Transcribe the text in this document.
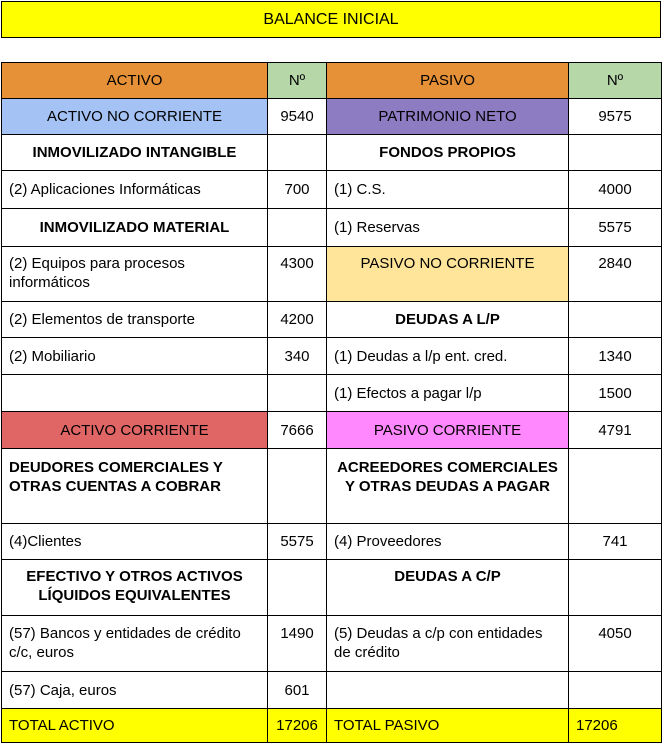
BALANCE INICIAL
ACTIVO	Nº	PASIVO	Nº
ACTIVO NO CORRIENTE	9540	PATRIMONIO NETO	9575
INMOVILIZADO INTANGIBLE		FONDOS PROPIOS	
(2) Aplicaciones Informáticas	700	(1) C.S.	4000
INMOVILIZADO MATERIAL		(1) Reservas	5575
(2) Equipos para procesos informáticos	4300	PASIVO NO CORRIENTE	2840
(2) Elementos de transporte	4200	DEUDAS A L/P	
(2) Mobiliario	340	(1) Deudas a l/p ent. cred.	1340
		(1) Efectos a pagar l/p	1500
ACTIVO CORRIENTE	7666	PASIVO CORRIENTE	4791
DEUDORES COMERCIALES Y OTRAS CUENTAS A COBRAR		ACREEDORES COMERCIALES Y OTRAS DEUDAS A PAGAR	
(4)Clientes	5575	(4) Proveedores	741
EFECTIVO Y OTROS ACTIVOS LÍQUIDOS EQUIVALENTES		DEUDAS A C/P	
(57) Bancos y entidades de crédito c/c, euros	1490	(5) Deudas a c/p con entidades de crédito	4050
(57) Caja, euros	601		
TOTAL ACTIVO	17206	TOTAL PASIVO	17206
